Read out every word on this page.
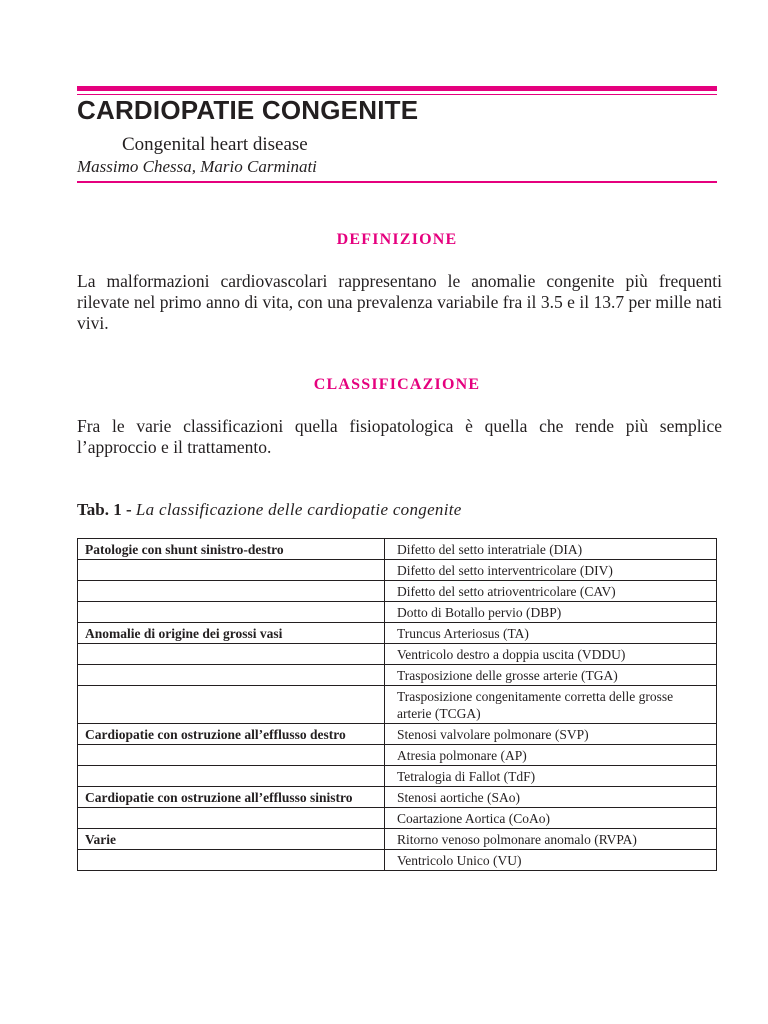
CARDIOPATIE CONGENITE
Congenital heart disease
Massimo Chessa, Mario Carminati
DEFINIZIONE
La malformazioni cardiovascolari rappresentano le anomalie congenite più frequenti rilevate nel primo anno di vita, con una prevalenza variabile fra il 3.5 e il 13.7 per mille nati vivi.
CLASSIFICAZIONE
Fra le varie classificazioni quella fisiopatologica è quella che rende più semplice l’approccio e il trattamento.
Tab. 1 - La classificazione delle cardiopatie congenite
Patologie con shunt sinistro-destro	Difetto del setto interatriale (DIA)
	Difetto del setto interventricolare (DIV)
	Difetto del setto atrioventricolare (CAV)
	Dotto di Botallo pervio (DBP)
Anomalie di origine dei grossi vasi	Truncus Arteriosus (TA)
	Ventricolo destro a doppia uscita (VDDU)
	Trasposizione delle grosse arterie (TGA)
	Trasposizione congenitamente corretta delle grosse arterie (TCGA)
Cardiopatie con ostruzione all’efflusso destro	Stenosi valvolare polmonare (SVP)
	Atresia polmonare (AP)
	Tetralogia di Fallot (TdF)
Cardiopatie con ostruzione all’efflusso sinistro	Stenosi aortiche (SAo)
	Coartazione Aortica (CoAo)
Varie	Ritorno venoso polmonare anomalo (RVPA)
	Ventricolo Unico (VU)
